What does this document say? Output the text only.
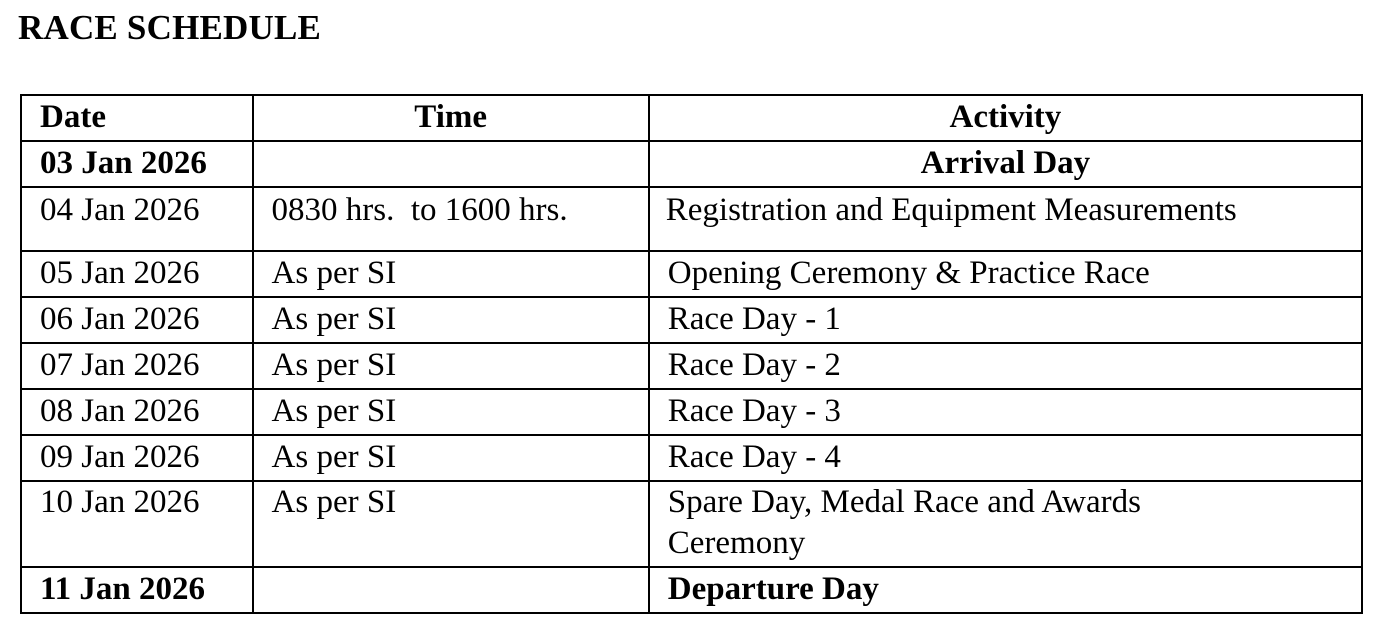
RACE SCHEDULE
Date	Time	Activity
03 Jan 2026		Arrival Day
04 Jan 2026	0830 hrs.  to 1600 hrs.	Registration and Equipment Measurements
05 Jan 2026	As per SI	Opening Ceremony & Practice Race
06 Jan 2026	As per SI	Race Day - 1
07 Jan 2026	As per SI	Race Day - 2
08 Jan 2026	As per SI	Race Day - 3
09 Jan 2026	As per SI	Race Day - 4
10 Jan 2026	As per SI	Spare Day, Medal Race and Awards Ceremony
11 Jan 2026		Departure Day
